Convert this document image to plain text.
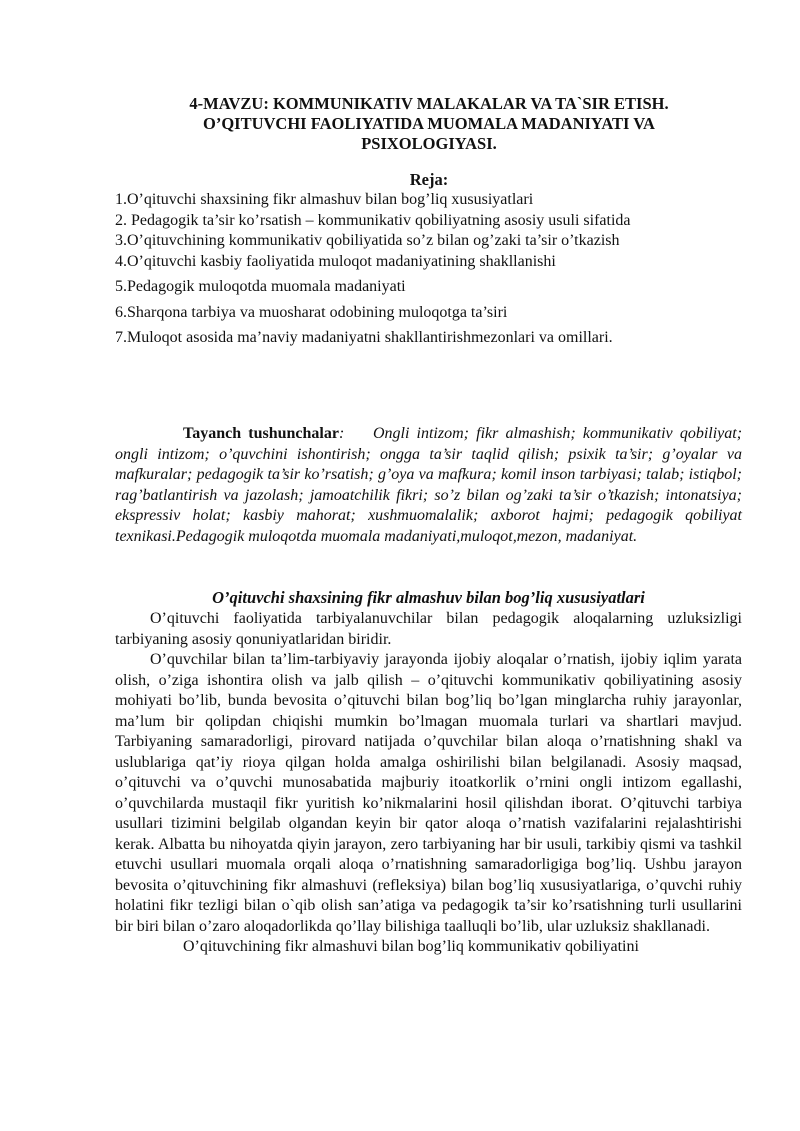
4-MAVZU: KOMMUNIKATIV MALAKALAR VA TA`SIR ETISH.
O’QITUVCHI FAOLIYATIDA MUOMALA MADANIYATI VA
PSIXOLOGIYASI.
Reja:
1.O’qituvchi shaxsining fikr almashuv bilan bog’liq xususiyatlari
2. Pedagogik ta’sir ko’rsatish – kommunikativ qobiliyatning asosiy usuli sifatida
3.O’qituvchining kommunikativ qobiliyatida so’z bilan og’zaki ta’sir o’tkazish
4.O’qituvchi kasbiy faoliyatida muloqot madaniyatining shakllanishi
5.Pedagogik muloqotda muomala madaniyati
6.Sharqona tarbiya va muosharat odobining muloqotga ta’siri
7.Muloqot asosida ma’naviy madaniyatni shakllantirishmezonlari va omillari.
Tayanch tushunchalar: Ongli intizom; fikr almashish; kommunikativ qobiliyat; ongli intizom; o’quvchini ishontirish; ongga ta’sir taqlid qilish; psixik ta’sir; g’oyalar va mafkuralar; pedagogik ta’sir ko’rsatish; g’oya va mafkura; komil inson tarbiyasi; talab; istiqbol; rag’batlantirish va jazolash; jamoatchilik fikri; so’z bilan og’zaki ta’sir o’tkazish; intonatsiya; ekspressiv holat; kasbiy mahorat; xushmuomalalik; axborot hajmi; pedagogik qobiliyat texnikasi.Pedagogik muloqotda muomala madaniyati,muloqot,mezon, madaniyat.
O’qituvchi shaxsining fikr almashuv bilan bog’liq xususiyatlari
O’qituvchi faoliyatida tarbiyalanuvchilar bilan pedagogik aloqalarning uzluksizligi tarbiyaning asosiy qonuniyatlaridan biridir.
O’quvchilar bilan ta’lim-tarbiyaviy jarayonda ijobiy aloqalar o’rnatish, ijobiy iqlim yarata olish, o’ziga ishontira olish va jalb qilish – o’qituvchi kommunikativ qobiliyatining asosiy mohiyati bo’lib, bunda bevosita o’qituvchi bilan bog’liq bo’lgan minglarcha ruhiy jarayonlar, ma’lum bir qolipdan chiqishi mumkin bo’lmagan muomala turlari va shartlari mavjud. Tarbiyaning samaradorligi, pirovard natijada o’quvchilar bilan aloqa o’rnatishning shakl va uslublariga qat’iy rioya qilgan holda amalga oshirilishi bilan belgilanadi. Asosiy maqsad, o’qituvchi va o’quvchi munosabatida majburiy itoatkorlik o’rnini ongli intizom egallashi, o’quvchilarda mustaqil fikr yuritish ko’nikmalarini hosil qilishdan iborat. O’qituvchi tarbiya usullari tizimini belgilab olgandan keyin bir qator aloqa o’rnatish vazifalarini rejalashtirishi kerak. Albatta bu nihoyatda qiyin jarayon, zero tarbiyaning har bir usuli, tarkibiy qismi va tashkil etuvchi usullari muomala orqali aloqa o’rnatishning samaradorligiga bog’liq. Ushbu jarayon bevosita o’qituvchining fikr almashuvi (refleksiya) bilan bog’liq xususiyatlariga, o’quvchi ruhiy holatini fikr tezligi bilan o`qib olish san’atiga va pedagogik ta’sir ko’rsatishning turli usullarini bir biri bilan o’zaro aloqadorlikda qo’llay bilishiga taalluqli bo’lib, ular uzluksiz shakllanadi.
O’qituvchining fikr almashuvi bilan bog’liq kommunikativ qobiliyatini
